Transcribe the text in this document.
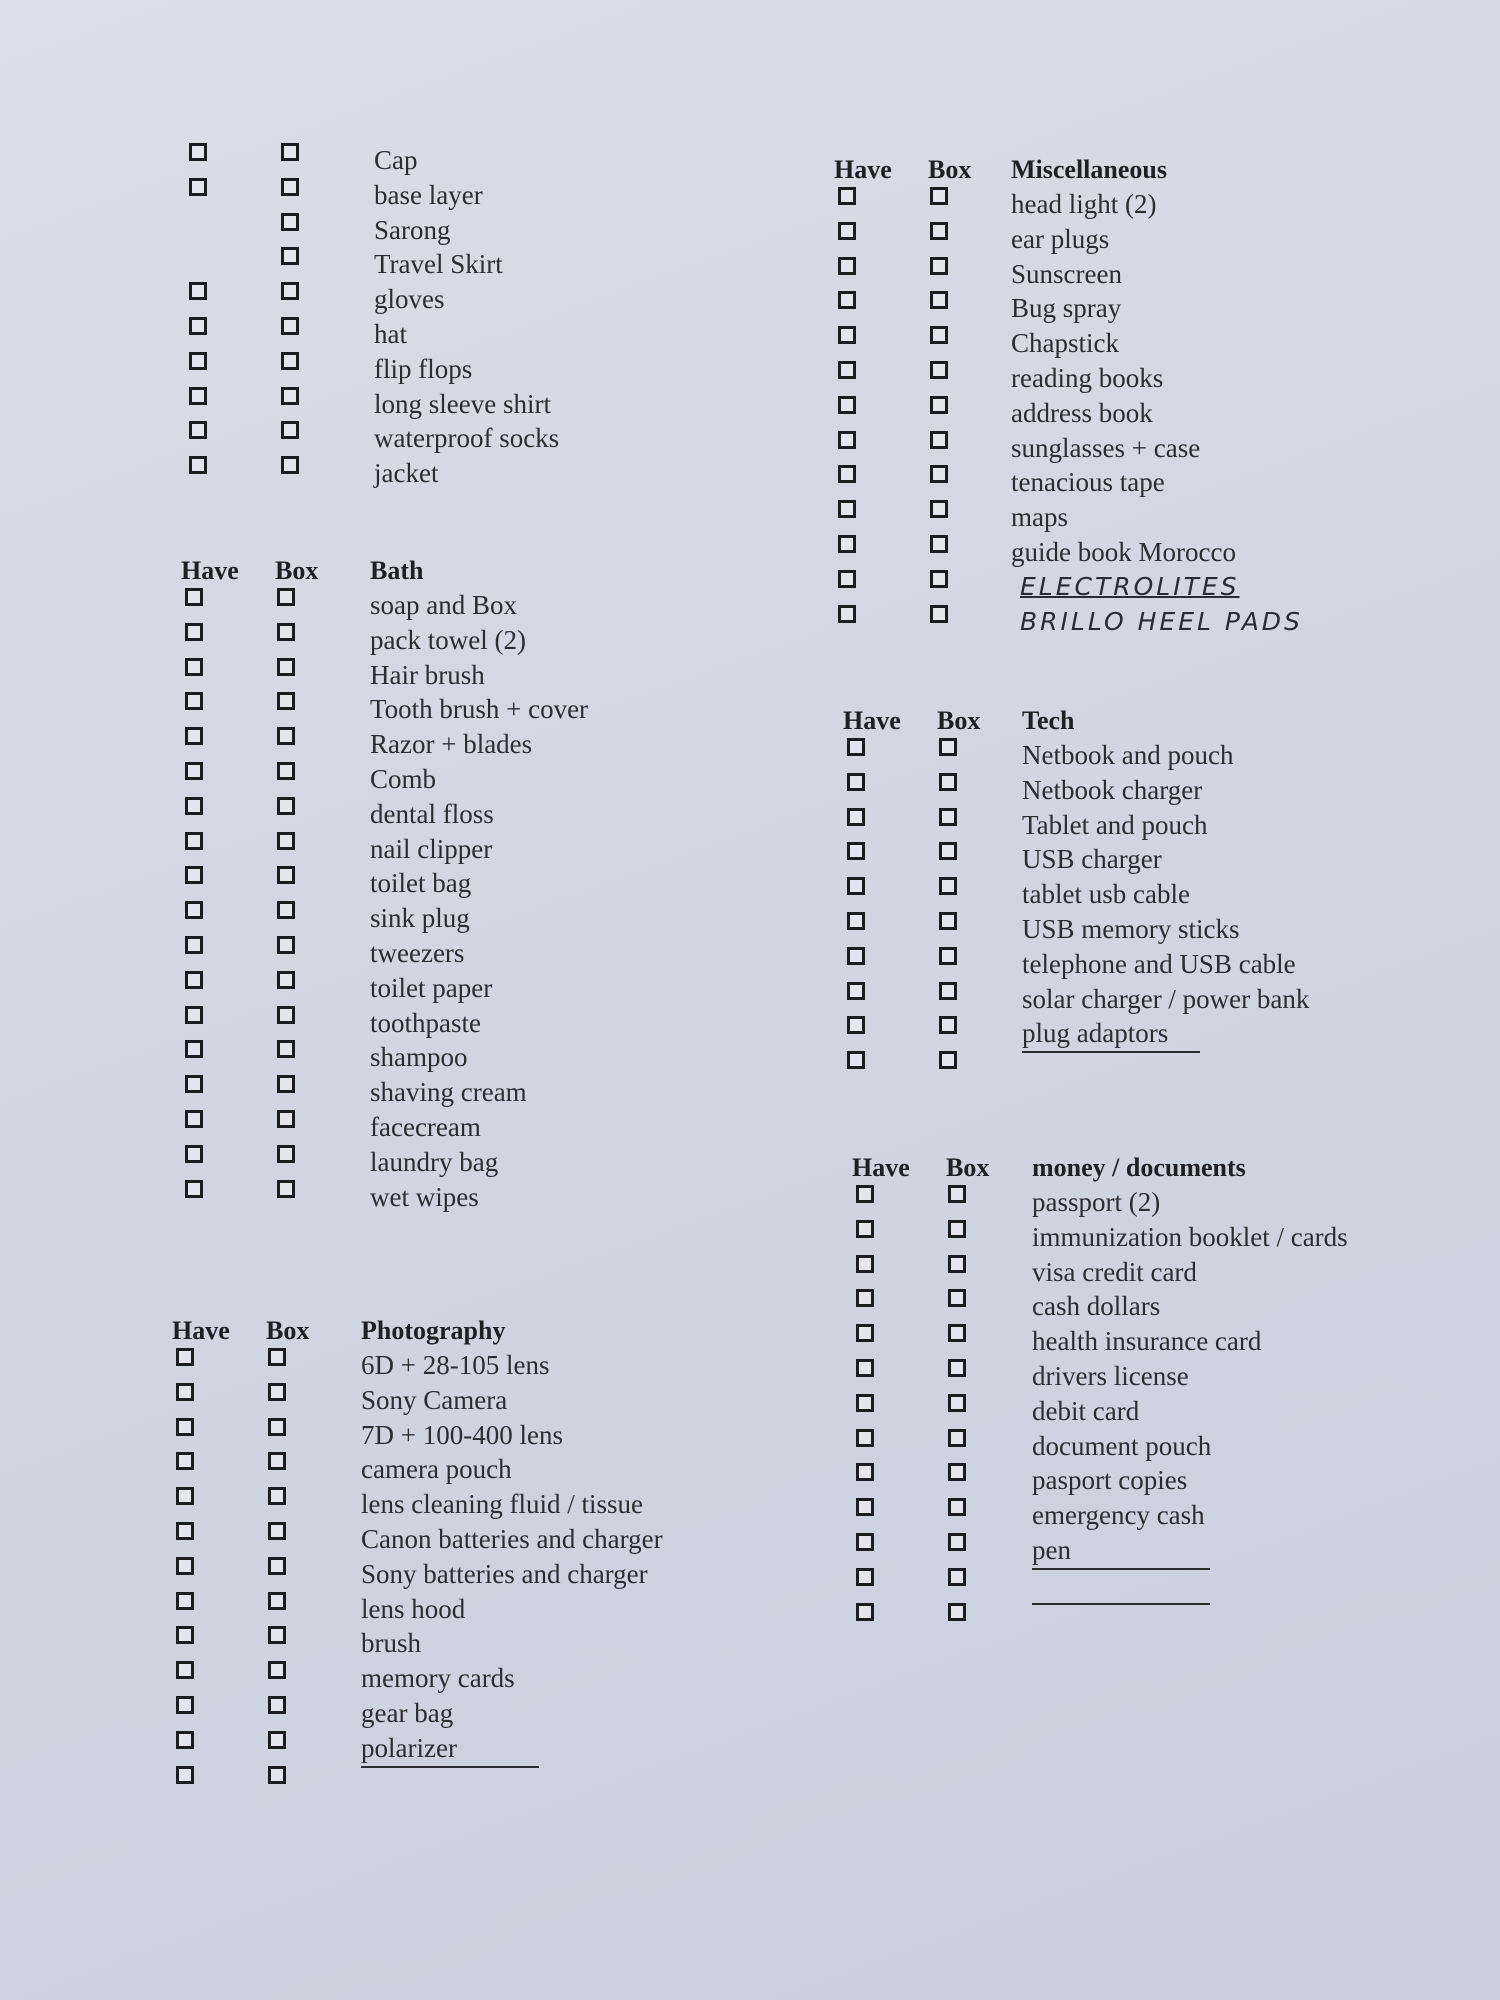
Cap
base layer
Sarong
Travel Skirt
gloves
hat
flip flops
long sleeve shirt
waterproof socks
jacket
Have Box Bath
soap and Box
pack towel (2)
Hair brush
Tooth brush + cover
Razor + blades
Comb
dental floss
nail clipper
toilet bag
sink plug
tweezers
toilet paper
toothpaste
shampoo
shaving cream
facecream
laundry bag
wet wipes
Have Box Photography
6D + 28-105 lens
Sony Camera
7D + 100-400 lens
camera pouch
lens cleaning fluid / tissue
Canon batteries and charger
Sony batteries and charger
lens hood
brush
memory cards
gear bag
polarizer
Have Box Miscellaneous
head light (2)
ear plugs
Sunscreen
Bug spray
Chapstick
reading books
address book
sunglasses + case
tenacious tape
maps
guide book Morocco
ELECTROLITES
BRILLO HEEL PADS
Have Box Tech
Netbook and pouch
Netbook charger
Tablet and pouch
USB charger
tablet usb cable
USB memory sticks
telephone and USB cable
solar charger / power bank
plug adaptors
Have Box money / documents
passport (2)
immunization booklet / cards
visa credit card
cash dollars
health insurance card
drivers license
debit card
document pouch
pasport copies
emergency cash
pen
